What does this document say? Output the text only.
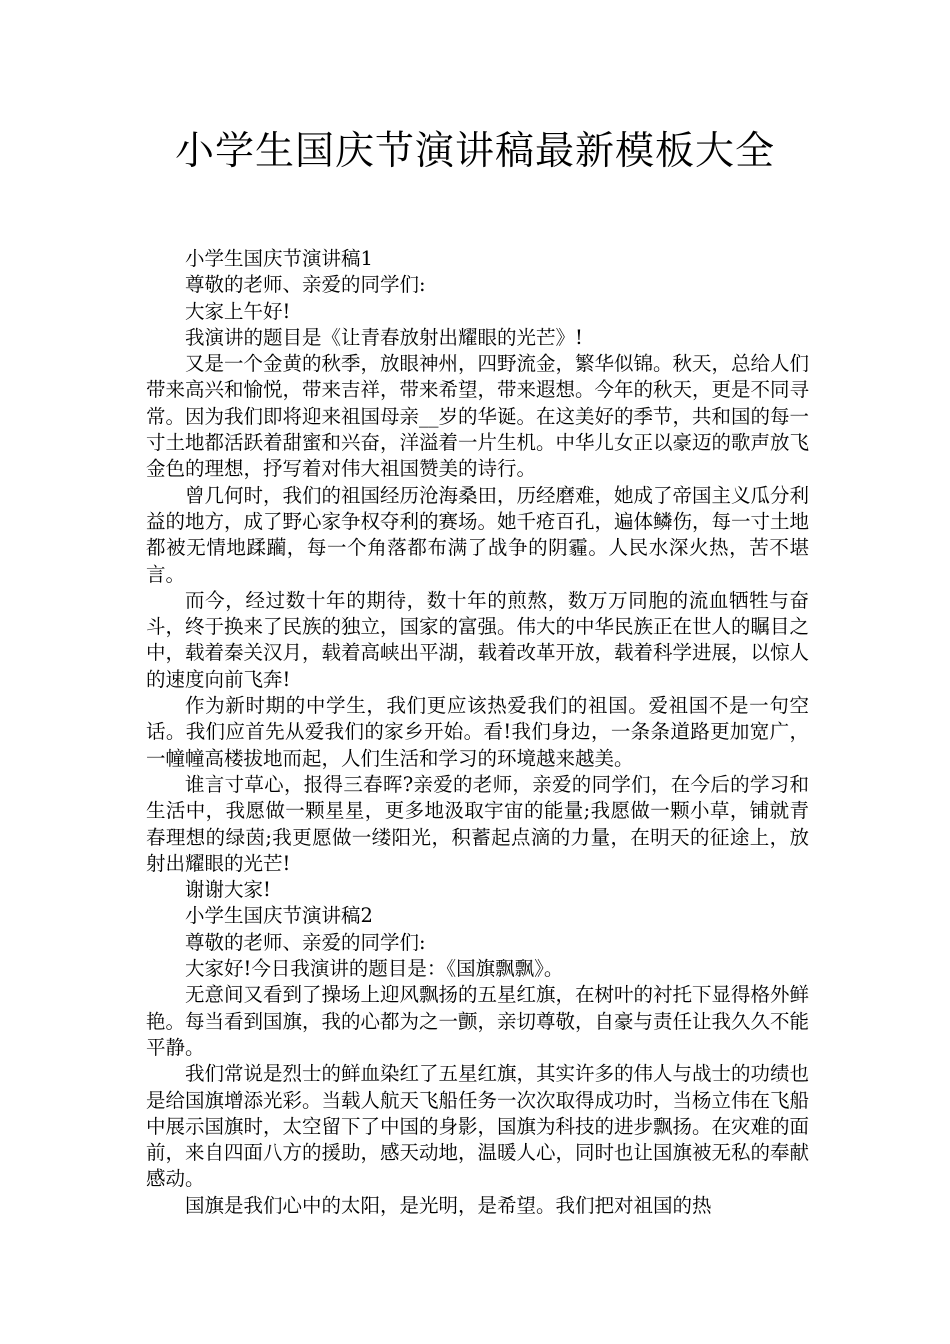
小学生国庆节演讲稿最新模板大全

小学生国庆节演讲稿1

尊敬的老师、亲爱的同学们:

大家上午好!

我演讲的题目是《让青春放射出耀眼的光芒》!

又是一个金黄的秋季，放眼神州，四野流金，繁华似锦。秋天，总给人们带来高兴和愉悦，带来吉祥，带来希望，带来遐想。今年的秋天，更是不同寻常。因为我们即将迎来祖国母亲__岁的华诞。在这美好的季节，共和国的每一寸土地都活跃着甜蜜和兴奋，洋溢着一片生机。中华儿女正以豪迈的歌声放飞金色的理想，抒写着对伟大祖国赞美的诗行。

曾几何时，我们的祖国经历沧海桑田，历经磨难，她成了帝国主义瓜分利益的地方，成了野心家争权夺利的赛场。她千疮百孔，遍体鳞伤，每一寸土地都被无情地蹂躏，每一个角落都布满了战争的阴霾。人民水深火热，苦不堪言。

而今，经过数十年的期待，数十年的煎熬，数万万同胞的流血牺牲与奋斗，终于换来了民族的独立，国家的富强。伟大的中华民族正在世人的瞩目之中，载着秦关汉月，载着高峡出平湖，载着改革开放，载着科学进展，以惊人的速度向前飞奔!

作为新时期的中学生，我们更应该热爱我们的祖国。爱祖国不是一句空话。我们应首先从爱我们的家乡开始。看!我们身边，一条条道路更加宽广，一幢幢高楼拔地而起，人们生活和学习的环境越来越美。

谁言寸草心，报得三春晖?亲爱的老师，亲爱的同学们，在今后的学习和生活中，我愿做一颗星星，更多地汲取宇宙的能量;我愿做一颗小草，铺就青春理想的绿茵;我更愿做一缕阳光，积蓄起点滴的力量，在明天的征途上，放射出耀眼的光芒!

谢谢大家!

小学生国庆节演讲稿2

尊敬的老师、亲爱的同学们:

大家好!今日我演讲的题目是：《国旗飘飘》。

无意间又看到了操场上迎风飘扬的五星红旗，在树叶的衬托下显得格外鲜艳。每当看到国旗，我的心都为之一颤，亲切尊敬，自豪与责任让我久久不能平静。

我们常说是烈士的鲜血染红了五星红旗，其实许多的伟人与战士的功绩也是给国旗增添光彩。当载人航天飞船任务一次次取得成功时，当杨立伟在飞船中展示国旗时，太空留下了中国的身影，国旗为科技的进步飘扬。在灾难的面前，来自四面八方的援助，感天动地，温暖人心，同时也让国旗被无私的奉献感动。

国旗是我们心中的太阳，是光明，是希望。我们把对祖国的热
